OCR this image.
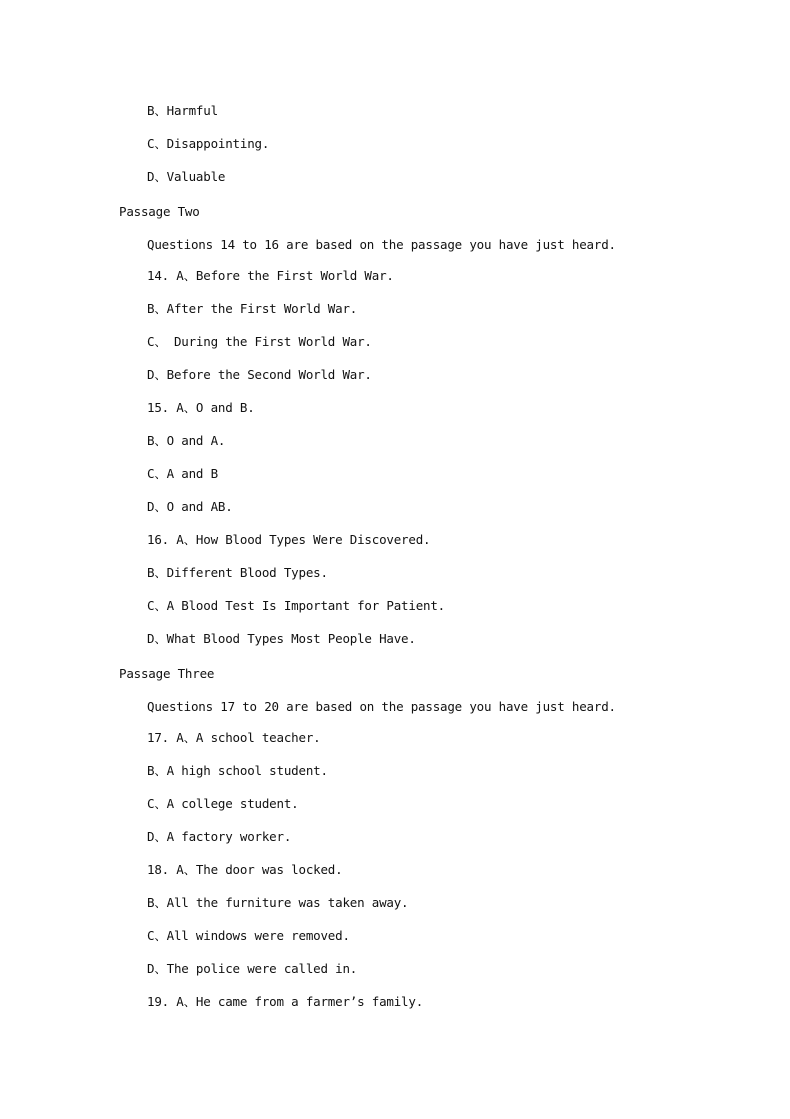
B、Harmful
C、Disappointing.
D、Valuable
Passage Two
Questions 14 to 16 are based on the passage you have just heard.
14. A、Before the First World War.
B、After the First World War.
C、 During the First World War.
D、Before the Second World War.
15. A、O and B.
B、O and A.
C、A and B
D、O and AB.
16. A、How Blood Types Were Discovered.
B、Different Blood Types.
C、A Blood Test Is Important for Patient.
D、What Blood Types Most People Have.
Passage Three
Questions 17 to 20 are based on the passage you have just heard.
17. A、A school teacher.
B、A high school student.
C、A college student.
D、A factory worker.
18. A、The door was locked.
B、All the furniture was taken away.
C、All windows were removed.
D、The police were called in.
19. A、He came from a farmer’s family.
